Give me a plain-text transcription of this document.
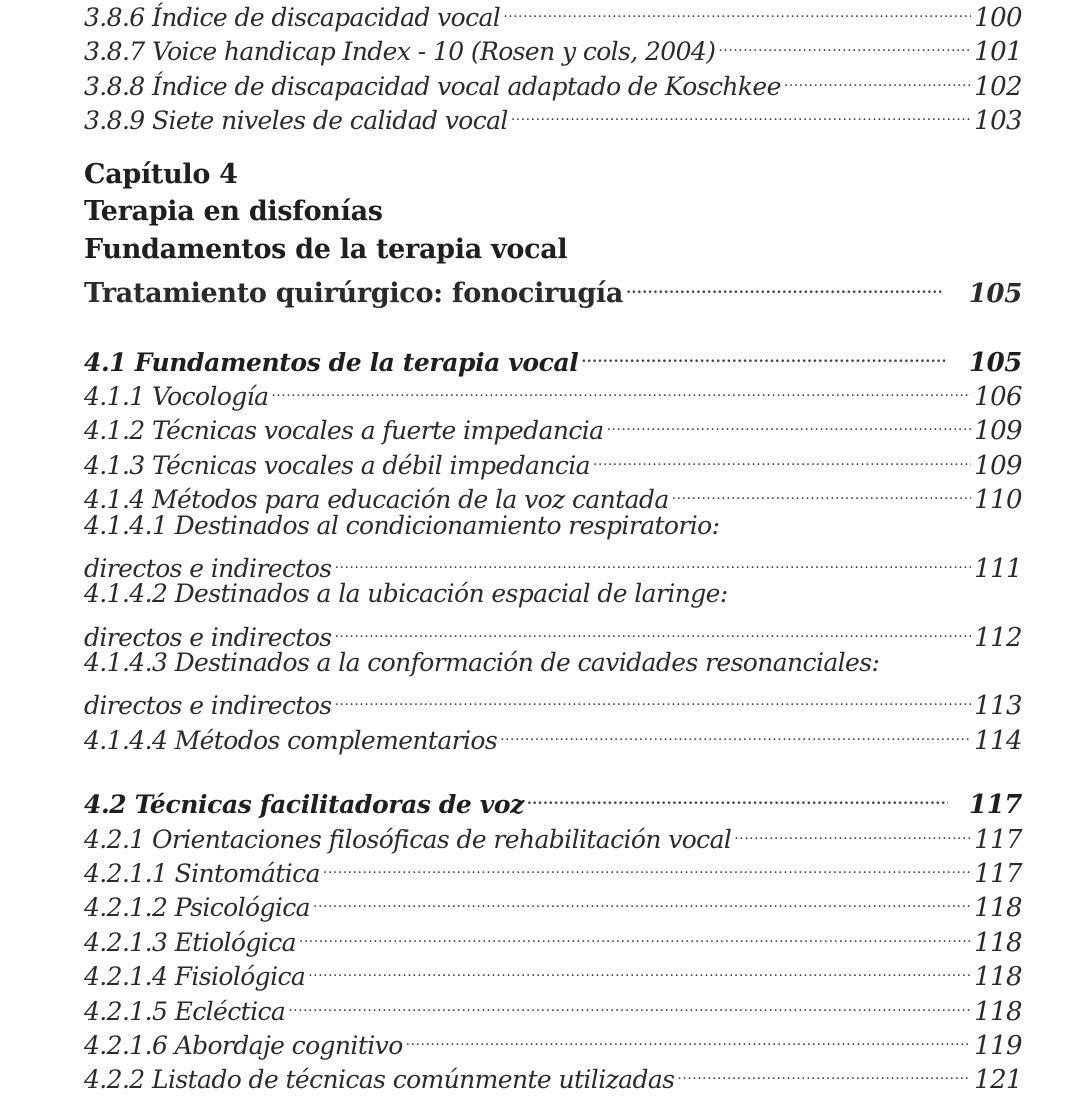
3.8.6 Índice de discapacidad vocal .....	100
3.8.7 Voice handicap Index - 10 (Rosen y cols, 2004) .....	101
3.8.8 Índice de discapacidad vocal adaptado de Koschkee .....	102
3.8.9 Siete niveles de calidad vocal .....	103
Capítulo 4
Terapia en disfonías
Fundamentos de la terapia vocal
Tratamiento quirúrgico: fonocirugía .....	105
4.1 Fundamentos de la terapia vocal .....	105
4.1.1 Vocología .....	106
4.1.2 Técnicas vocales a fuerte impedancia .....	109
4.1.3 Técnicas vocales a débil impedancia .....	109
4.1.4 Métodos para educación de la voz cantada .....	110
4.1.4.1 Destinados al condicionamiento respiratorio:
directos e indirectos .....	111
4.1.4.2 Destinados a la ubicación espacial de laringe:
directos e indirectos .....	112
4.1.4.3 Destinados a la conformación de cavidades resonanciales:
directos e indirectos .....	113
4.1.4.4 Métodos complementarios .....	114
4.2 Técnicas facilitadoras de voz .....	117
4.2.1 Orientaciones filosóficas de rehabilitación vocal .....	117
4.2.1.1 Sintomática .....	117
4.2.1.2 Psicológica .....	118
4.2.1.3 Etiológica .....	118
4.2.1.4 Fisiológica .....	118
4.2.1.5 Ecléctica .....	118
4.2.1.6 Abordaje cognitivo .....	119
4.2.2 Listado de técnicas comúnmente utilizadas .....	121
